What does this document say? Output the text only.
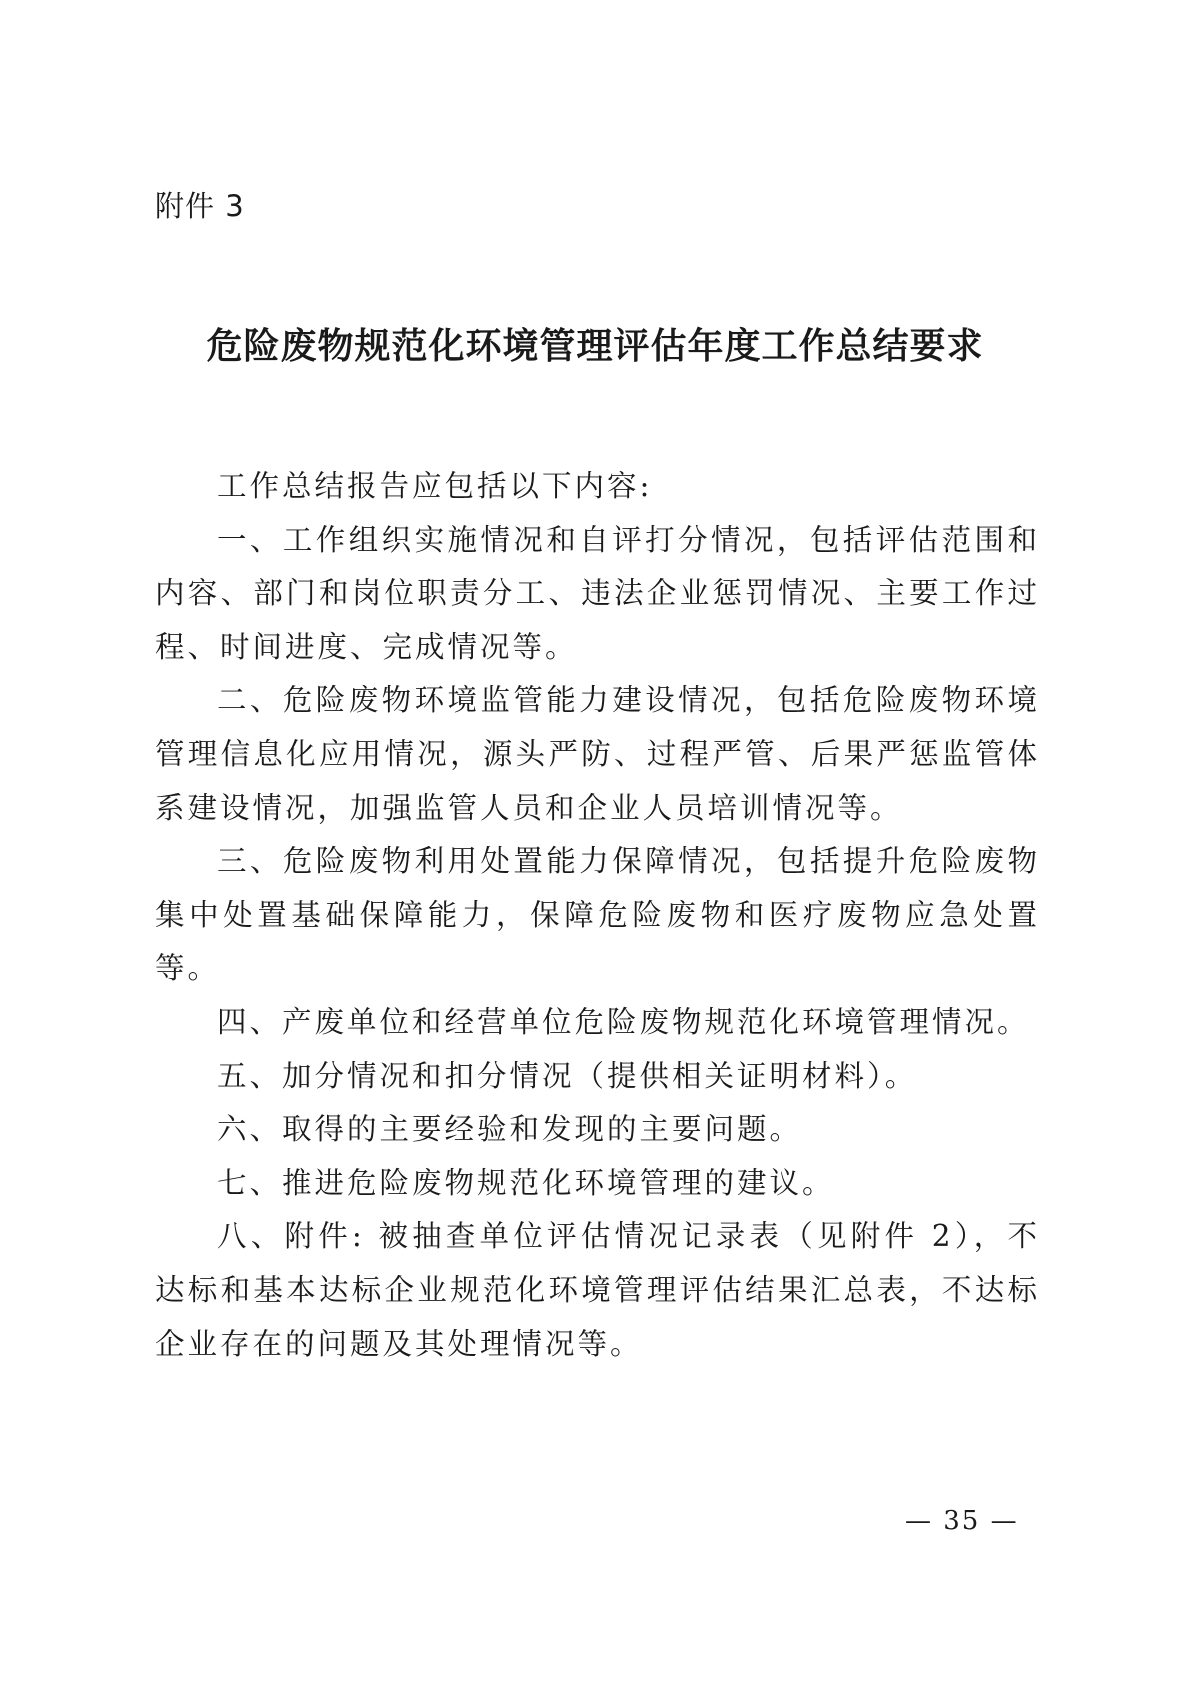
附件 3
危险废物规范化环境管理评估年度工作总结要求

工作总结报告应包括以下内容:

一、工作组织实施情况和自评打分情况，包括评估范围和内容、部门和岗位职责分工、违法企业惩罚情况、主要工作过程、时间进度、完成情况等。

二、危险废物环境监管能力建设情况，包括危险废物环境管理信息化应用情况，源头严防、过程严管、后果严惩监管体系建设情况，加强监管人员和企业人员培训情况等。

三、危险废物利用处置能力保障情况，包括提升危险废物集中处置基础保障能力，保障危险废物和医疗废物应急处置等。

四、产废单位和经营单位危险废物规范化环境管理情况。

五、加分情况和扣分情况（提供相关证明材料）。

六、取得的主要经验和发现的主要问题。

七、推进危险废物规范化环境管理的建议。

八、附件: 被抽查单位评估情况记录表（见附件 2），不达标和基本达标企业规范化环境管理评估结果汇总表，不达标企业存在的问题及其处理情况等。

— 35 —
